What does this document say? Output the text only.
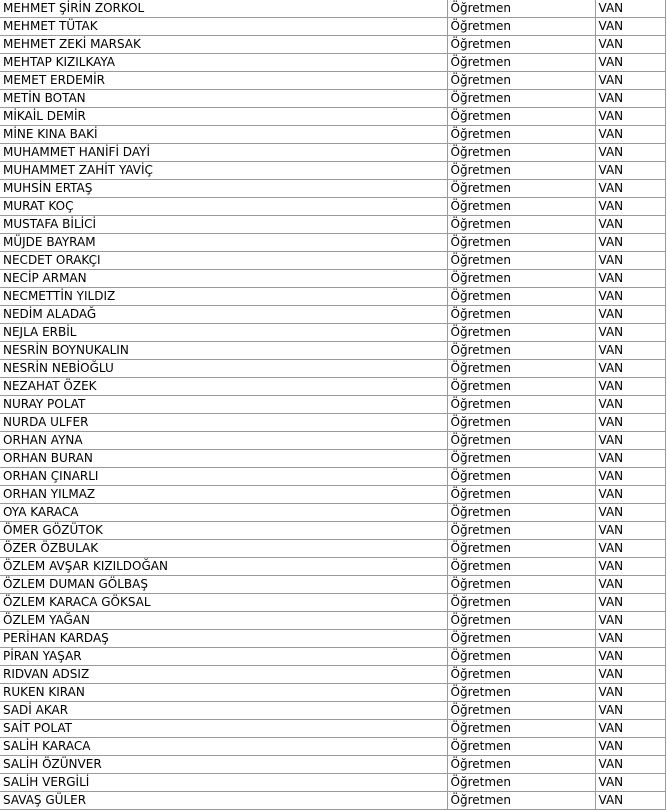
MEHMET ŞİRİN ZORKOL	Öğretmen	VAN
MEHMET TÜTAK	Öğretmen	VAN
MEHMET ZEKİ MARSAK	Öğretmen	VAN
MEHTAP KIZILKAYA	Öğretmen	VAN
MEMET ERDEMİR	Öğretmen	VAN
METİN BOTAN	Öğretmen	VAN
MİKAİL DEMİR	Öğretmen	VAN
MİNE KINA BAKİ	Öğretmen	VAN
MUHAMMET HANİFİ DAYİ	Öğretmen	VAN
MUHAMMET ZAHİT YAVİÇ	Öğretmen	VAN
MUHSİN ERTAŞ	Öğretmen	VAN
MURAT KOÇ	Öğretmen	VAN
MUSTAFA BİLİCİ	Öğretmen	VAN
MÜJDE BAYRAM	Öğretmen	VAN
NECDET ORAKÇI	Öğretmen	VAN
NECİP ARMAN	Öğretmen	VAN
NECMETTİN YILDIZ	Öğretmen	VAN
NEDİM ALADAĞ	Öğretmen	VAN
NEJLA ERBİL	Öğretmen	VAN
NESRİN BOYNUKALIN	Öğretmen	VAN
NESRİN NEBİOĞLU	Öğretmen	VAN
NEZAHAT ÖZEK	Öğretmen	VAN
NURAY POLAT	Öğretmen	VAN
NURDA ULFER	Öğretmen	VAN
ORHAN AYNA	Öğretmen	VAN
ORHAN BURAN	Öğretmen	VAN
ORHAN ÇINARLI	Öğretmen	VAN
ORHAN YILMAZ	Öğretmen	VAN
OYA KARACA	Öğretmen	VAN
ÖMER GÖZÜTOK	Öğretmen	VAN
ÖZER ÖZBULAK	Öğretmen	VAN
ÖZLEM AVŞAR KIZILDOĞAN	Öğretmen	VAN
ÖZLEM DUMAN GÖLBAŞ	Öğretmen	VAN
ÖZLEM KARACA GÖKSAL	Öğretmen	VAN
ÖZLEM YAĞAN	Öğretmen	VAN
PERİHAN KARDAŞ	Öğretmen	VAN
PİRAN YAŞAR	Öğretmen	VAN
RIDVAN ADSIZ	Öğretmen	VAN
RUKEN KIRAN	Öğretmen	VAN
SADİ AKAR	Öğretmen	VAN
SAİT POLAT	Öğretmen	VAN
SALİH KARACA	Öğretmen	VAN
SALİH ÖZÜNVER	Öğretmen	VAN
SALİH VERGİLİ	Öğretmen	VAN
SAVAŞ GÜLER	Öğretmen	VAN
